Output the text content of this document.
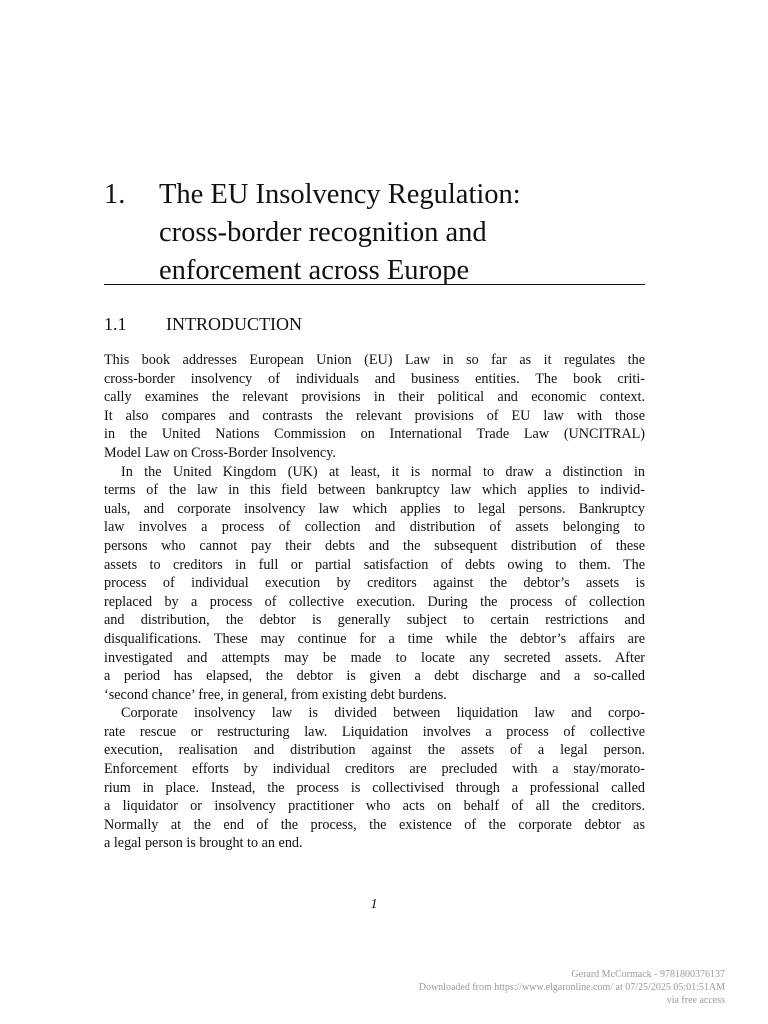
1.	The EU Insolvency Regulation:
cross-border recognition and
enforcement across Europe
1.1	INTRODUCTION
This book addresses European Union (EU) Law in so far as it regulates the
cross-border insolvency of individuals and business entities. The book criti-
cally examines the relevant provisions in their political and economic context.
It also compares and contrasts the relevant provisions of EU law with those
in the United Nations Commission on International Trade Law (UNCITRAL)
Model Law on Cross-Border Insolvency.
In the United Kingdom (UK) at least, it is normal to draw a distinction in
terms of the law in this field between bankruptcy law which applies to individ-
uals, and corporate insolvency law which applies to legal persons. Bankruptcy
law involves a process of collection and distribution of assets belonging to
persons who cannot pay their debts and the subsequent distribution of these
assets to creditors in full or partial satisfaction of debts owing to them. The
process of individual execution by creditors against the debtor’s assets is
replaced by a process of collective execution. During the process of collection
and distribution, the debtor is generally subject to certain restrictions and
disqualifications. These may continue for a time while the debtor’s affairs are
investigated and attempts may be made to locate any secreted assets. After
a period has elapsed, the debtor is given a debt discharge and a so-called
‘second chance’ free, in general, from existing debt burdens.
Corporate insolvency law is divided between liquidation law and corpo-
rate rescue or restructuring law. Liquidation involves a process of collective
execution, realisation and distribution against the assets of a legal person.
Enforcement efforts by individual creditors are precluded with a stay/morato-
rium in place. Instead, the process is collectivised through a professional called
a liquidator or insolvency practitioner who acts on behalf of all the creditors.
Normally at the end of the process, the existence of the corporate debtor as
a legal person is brought to an end.
1
Gerard McCormack - 9781800376137
Downloaded from https://www.elgaronline.com/ at 07/25/2025 05:01:51AM
via free access
